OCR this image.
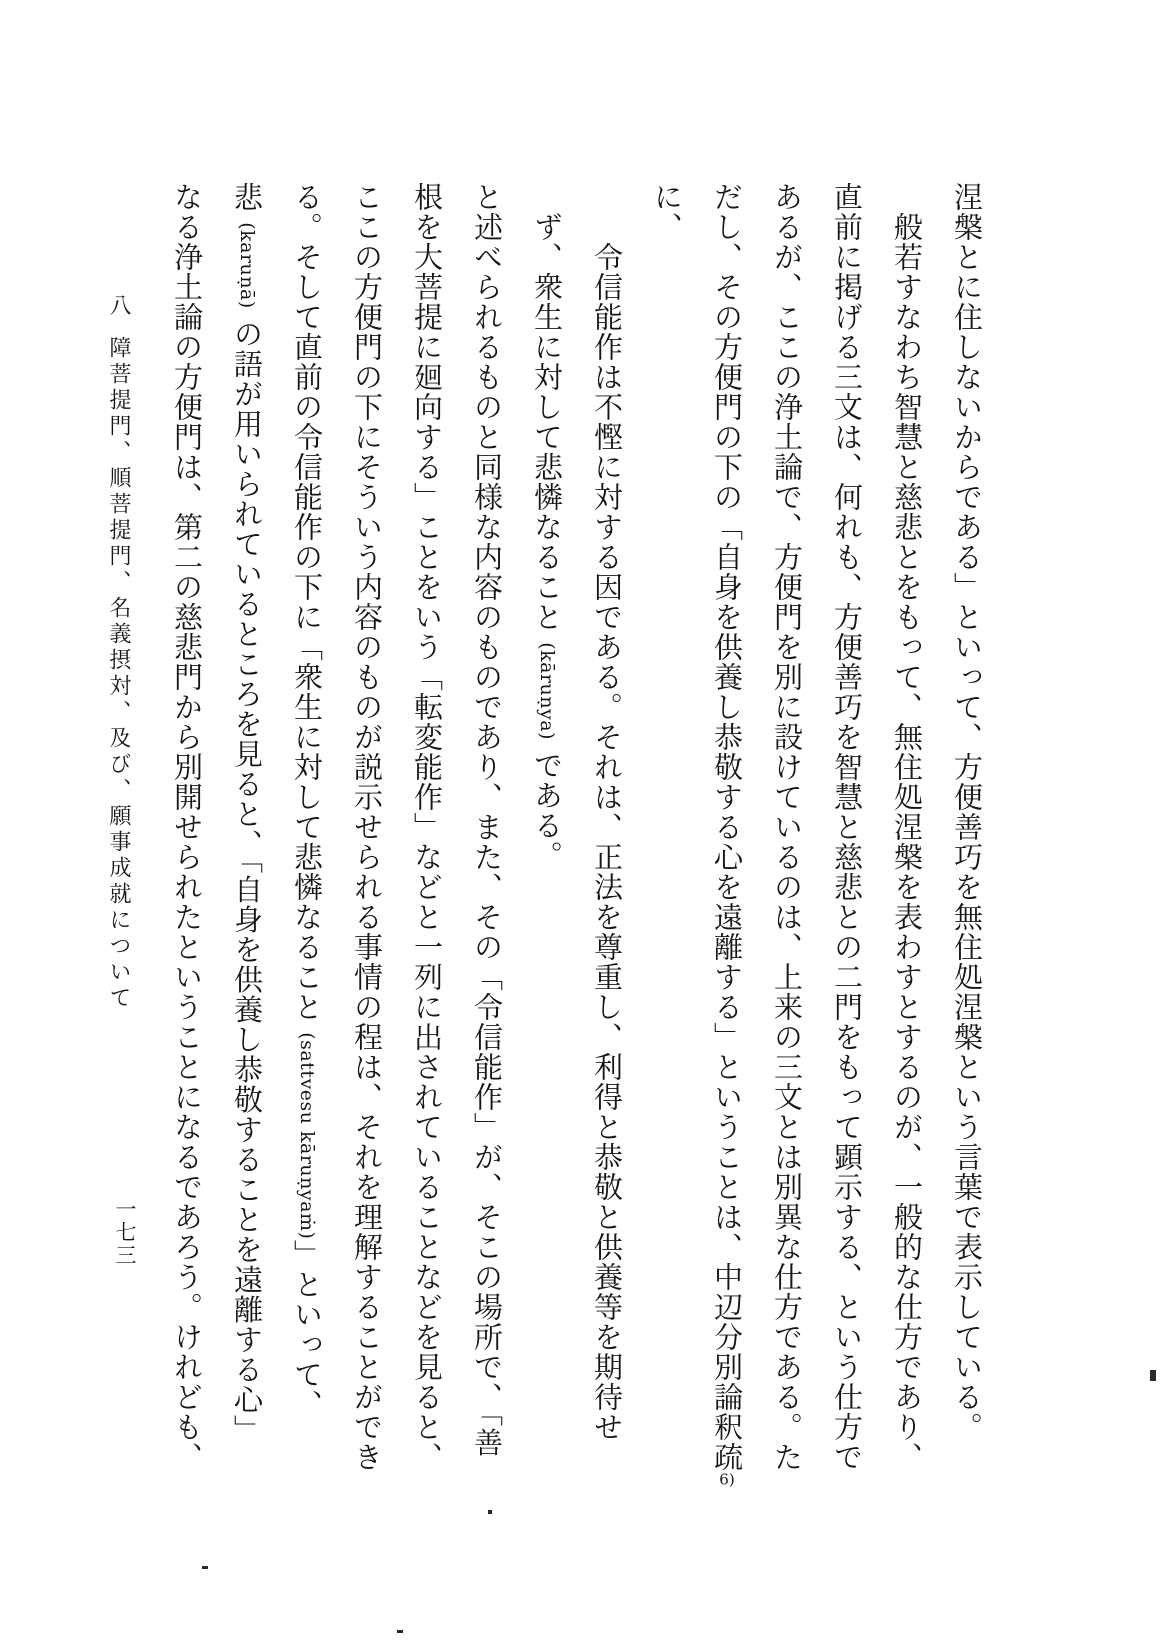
涅槃とに住しないからである」といって、方便善巧を無住処涅槃という言葉で表示している。
般若すなわち智慧と慈悲とをもって、無住処涅槃を表わすとするのが、一般的な仕方であり、
直前に掲げる三文は、何れも、方便善巧を智慧と慈悲との二門をもって顕示する、という仕方で
あるが、ここの浄土論で、方便門を別に設けているのは、上来の三文とは別異な仕方である。た
だし、その方便門の下の「自身を供養し恭敬する心を遠離する」ということは、中辺分別論釈疏6)
に、
令信能作は不慳に対する因である。それは、正法を尊重し、利得と恭敬と供養等を期待せ
ず、衆生に対して悲憐なること (kāruṇya) である。
と述べられるものと同様な内容のものであり、また、その「令信能作」が、そこの場所で、「善
根を大菩提に廻向する」ことをいう「転変能作」などと一列に出されていることなどを見ると、
ここの方便門の下にそういう内容のものが説示せられる事情の程は、それを理解することができ
る。そして直前の令信能作の下に「衆生に対して悲憐なること (sattvesu kāruṇyaṁ)」といって、
悲 (karuṇā) の語が用いられているところを見ると、「自身を供養し恭敬することを遠離する心」
なる浄土論の方便門は、第二の慈悲門から別開せられたということになるであろう。けれども、
八障菩提門、順菩提門、名義摂対、及び、願事成就について
一七三
